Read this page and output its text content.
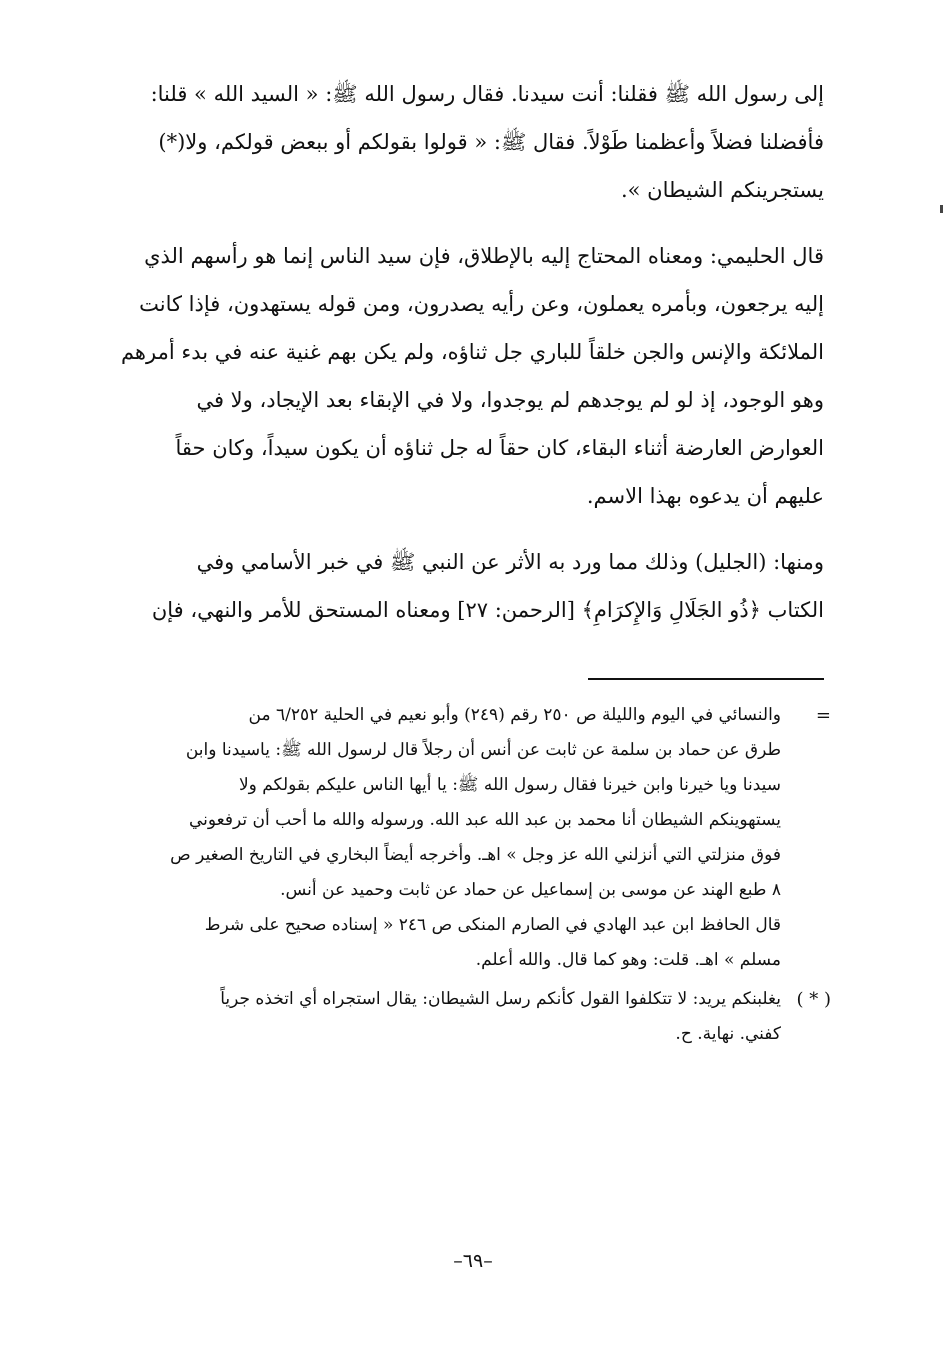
إلى رسول الله ﷺ فقلنا: أنت سيدنا. فقال رسول الله ﷺ: « السيد الله » قلنا:

فأفضلنا فضلاً وأعظمنا طَوْلاً. فقال ﷺ: « قولوا بقولكم أو ببعض قولكم، ولا(*)

يستجرينكم الشيطان ».

قال الحليمي: ومعناه المحتاج إليه بالإطلاق، فإن سيد الناس إنما هو رأسهم الذي

إليه يرجعون، وبأمره يعملون، وعن رأيه يصدرون، ومن قوله يستهدون، فإذا كانت

الملائكة والإنس والجن خلقاً للباري جل ثناؤه، ولم يكن بهم غنية عنه في بدء أمرهم

وهو الوجود، إذ لو لم يوجدهم لم يوجدوا، ولا في الإبقاء بعد الإيجاد، ولا في

العوارض العارضة أثناء البقاء، كان حقاً له جل ثناؤه أن يكون سيداً، وكان حقاً

عليهم أن يدعوه بهذا الاسم.

ومنها: (الجليل) وذلك مما ورد به الأثر عن النبي ﷺ في خبر الأسامي وفي

الكتاب ﴿ذُو الجَلَالِ وَالإِكرَامِ﴾ [الرحمن: ٢٧] ومعناه المستحق للأمر والنهي، فإن

=

والنسائي في اليوم والليلة ص ٢٥٠ رقم (٢٤٩) وأبو نعيم في الحلية ٦/٢٥٢ من

طرق عن حماد بن سلمة عن ثابت عن أنس أن رجلاً قال لرسول الله ﷺ: ياسيدنا وابن

سيدنا ويا خيرنا وابن خيرنا فقال رسول الله ﷺ: يا أيها الناس عليكم بقولكم ولا

يستهوينكم الشيطان أنا محمد بن عبد الله عبد الله. ورسوله والله ما أحب أن ترفعوني

فوق منزلتي التي أنزلني الله عز وجل » اهـ. وأخرجه أيضاً البخاري في التاريخ الصغير ص

٨ طبع الهند عن موسى بن إسماعيل عن حماد عن ثابت وحميد عن أنس.

قال الحافظ ابن عبد الهادي في الصارم المنكى ص ٢٤٦ « إسناده صحيح على شرط

مسلم » اهـ. قلت: وهو كما قال. والله أعلم.

( * )

يغلبنكم يريد: لا تتكلفوا القول كأنكم رسل الشيطان: يقال استجراه أي اتخذه جرياً

كفني. نهاية. ح.

–٦٩–
